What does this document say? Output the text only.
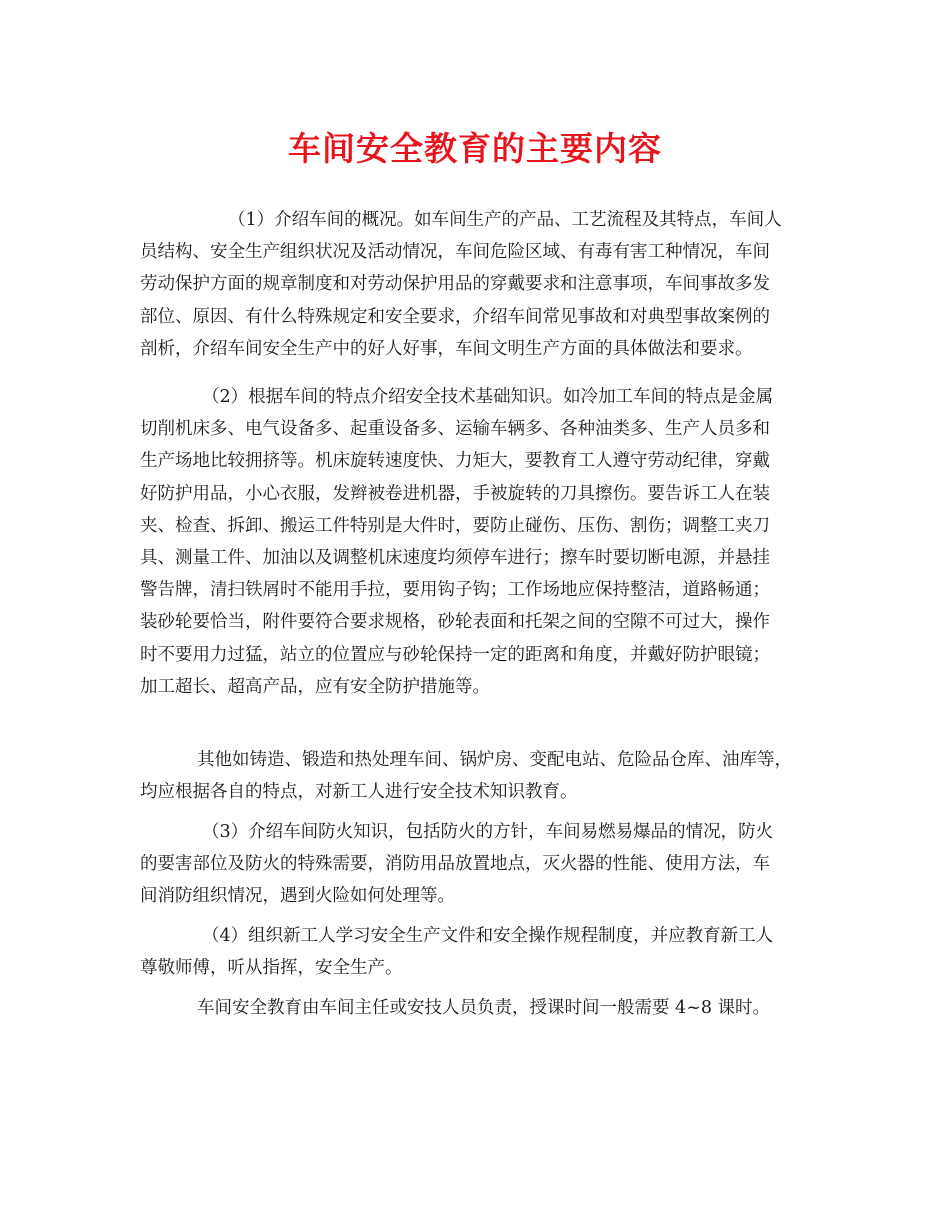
车间安全教育的主要内容

（1）介绍车间的概况。如车间生产的产品、工艺流程及其特点，车间人
员结构、安全生产组织状况及活动情况，车间危险区域、有毒有害工种情况，车间
劳动保护方面的规章制度和对劳动保护用品的穿戴要求和注意事项，车间事故多发
部位、原因、有什么特殊规定和安全要求，介绍车间常见事故和对典型事故案例的
剖析，介绍车间安全生产中的好人好事，车间文明生产方面的具体做法和要求。

（2）根据车间的特点介绍安全技术基础知识。如冷加工车间的特点是金属
切削机床多、电气设备多、起重设备多、运输车辆多、各种油类多、生产人员多和
生产场地比较拥挤等。机床旋转速度快、力矩大，要教育工人遵守劳动纪律，穿戴
好防护用品，小心衣服，发辫被卷进机器，手被旋转的刀具擦伤。要告诉工人在装
夹、检查、拆卸、搬运工件特别是大件时，要防止碰伤、压伤、割伤；调整工夹刀
具、测量工件、加油以及调整机床速度均须停车进行；擦车时要切断电源，并悬挂
警告牌，清扫铁屑时不能用手拉，要用钩子钩；工作场地应保持整洁，道路畅通；
装砂轮要恰当，附件要符合要求规格，砂轮表面和托架之间的空隙不可过大，操作
时不要用力过猛，站立的位置应与砂轮保持一定的距离和角度，并戴好防护眼镜；
加工超长、超高产品，应有安全防护措施等。

其他如铸造、锻造和热处理车间、锅炉房、变配电站、危险品仓库、油库等，
均应根据各自的特点，对新工人进行安全技术知识教育。

（3）介绍车间防火知识，包括防火的方针，车间易燃易爆品的情况，防火
的要害部位及防火的特殊需要，消防用品放置地点，灭火器的性能、使用方法，车
间消防组织情况，遇到火险如何处理等。

（4）组织新工人学习安全生产文件和安全操作规程制度，并应教育新工人
尊敬师傅，听从指挥，安全生产。

车间安全教育由车间主任或安技人员负责，授课时间一般需要 4~8 课时。
